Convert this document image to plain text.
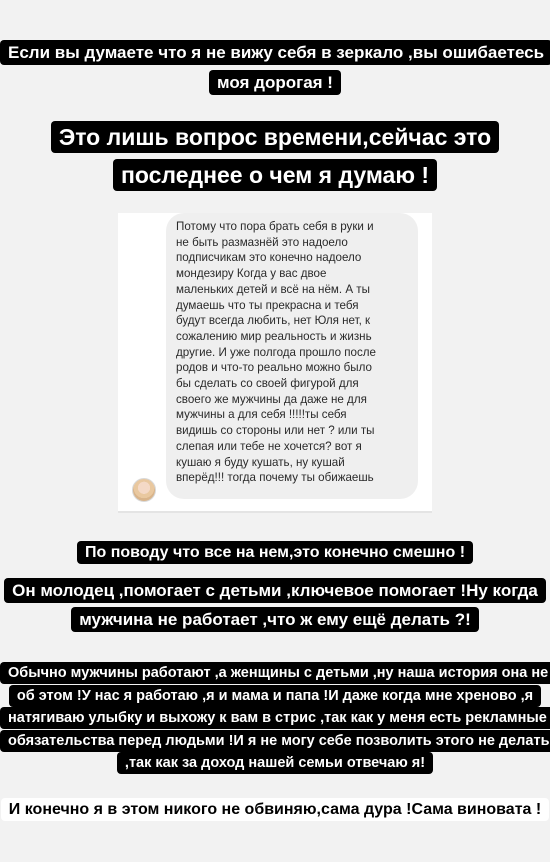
Если вы думаете что я не вижу себя в зеркало ,вы ошибаетесь моя дорогая !
Это лишь вопрос времени,сейчас это последнее о чем я думаю !

Потому что пора брать себя в руки и
не быть размазнёй это надоело
подписчикам это конечно надоело
мондезиру Когда у вас двое
маленьких детей и всё на нём. А ты
думаешь что ты прекрасна и тебя
будут всегда любить, нет Юля нет, к
сожалению мир реальность и жизнь
другие. И уже полгода прошло после
родов и что-то реально можно было
бы сделать со своей фигурой для
своего же мужчины да даже не для
мужчины а для себя !!!!!ты себя
видишь со стороны или нет ? или ты
слепая или тебе не хочется? вот я
кушаю я буду кушать, ну кушай
вперёд!!! тогда почему ты обижаешь

По поводу что все на нем,это конечно смешно !
Он молодец ,помогает с детьми ,ключевое помогает !Ну когда мужчина не работает ,что ж ему ещё делать ?!
Обычно мужчины работают ,а женщины с детьми ,ну наша история она не об этом !У нас я работаю ,я и мама и папа !И даже когда мне хреново ,я натягиваю улыбку и выхожу к вам в стрис ,так как у меня есть рекламные обязательства перед людьми !И я не могу себе позволить этого не делать ,так как за доход нашей семьи отвечаю я!
И конечно я в этом никого не обвиняю,сама дура !Сама виновата !
